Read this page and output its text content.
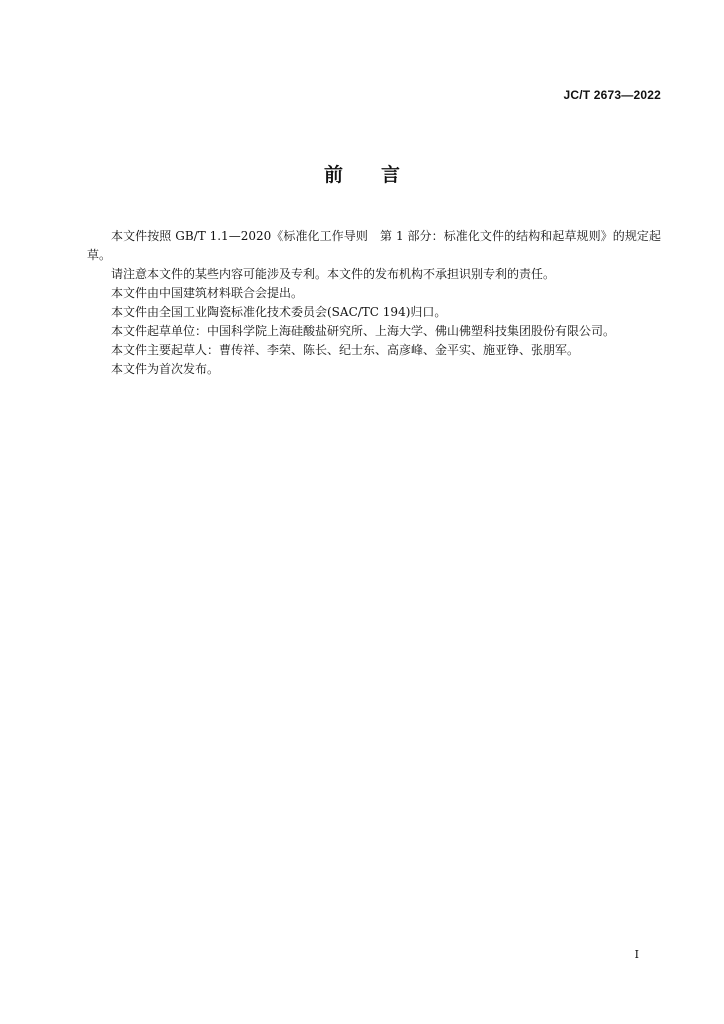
JC/T 2673—2022
前 言

本文件按照 GB/T 1.1—2020《标准化工作导则　第 1 部分：标准化文件的结构和起草规则》的规定起草。

请注意本文件的某些内容可能涉及专利。本文件的发布机构不承担识别专利的责任。

本文件由中国建筑材料联合会提出。

本文件由全国工业陶瓷标准化技术委员会(SAC/TC 194)归口。

本文件起草单位：中国科学院上海硅酸盐研究所、上海大学、佛山佛塑科技集团股份有限公司。

本文件主要起草人：曹传祥、李荣、陈长、纪士东、高彦峰、金平实、施亚铮、张朋军。

本文件为首次发布。

I
